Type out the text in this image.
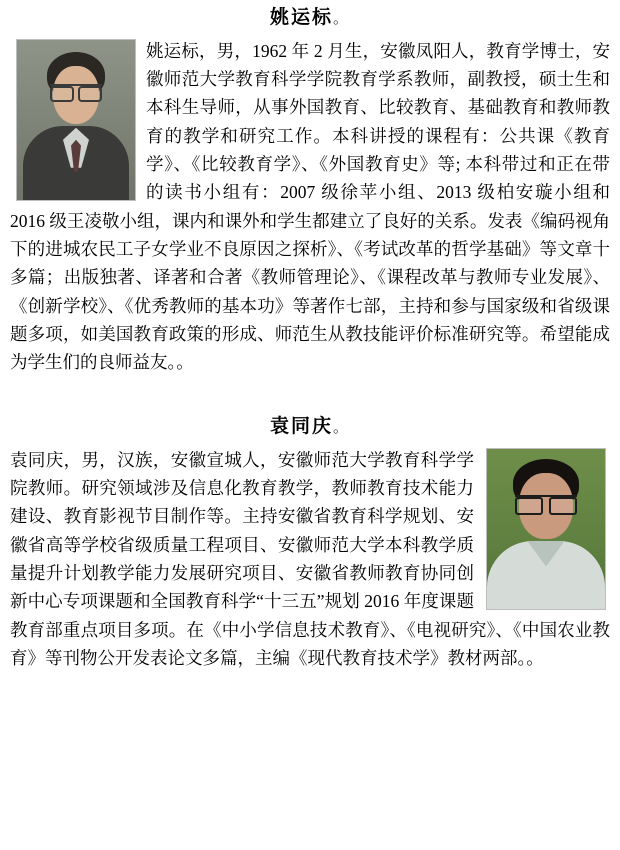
姚运标。
姚运标，男，1962 年 2 月生，安徽凤阳人，教育学博士，安徽师范大学教育科学学院教育学系教师，副教授，硕士生和本科生导师，从事外国教育、比较教育、基础教育和教师教育的教学和研究工作。本科讲授的课程有：公共课《教育学》、《比较教育学》、《外国教育史》等; 本科带过和正在带的读书小组有：2007 级徐苹小组、2013 级柏安璇小组和 2016 级王凌敬小组，课内和课外和学生都建立了良好的关系。发表《编码视角下的进城农民工子女学业不良原因之探析》、《考试改革的哲学基础》等文章十多篇；出版独著、译著和合著《教师管理论》、《课程改革与教师专业发展》、《创新学校》、《优秀教师的基本功》等著作七部，主持和参与国家级和省级课题多项，如美国教育政策的形成、师范生从教技能评价标准研究等。希望能成为学生们的良师益友。。
袁同庆。
袁同庆，男，汉族，安徽宣城人，安徽师范大学教育科学学院教师。研究领域涉及信息化教育教学，教师教育技术能力建设、教育影视节目制作等。主持安徽省教育科学规划、安徽省高等学校省级质量工程项目、安徽师范大学本科教学质量提升计划教学能力发展研究项目、安徽省教师教育协同创新中心专项课题和全国教育科学“十三五”规划 2016 年度课题教育部重点项目多项。在《中小学信息技术教育》、《电视研究》、《中国农业教育》等刊物公开发表论文多篇，主编《现代教育技术学》教材两部。。
